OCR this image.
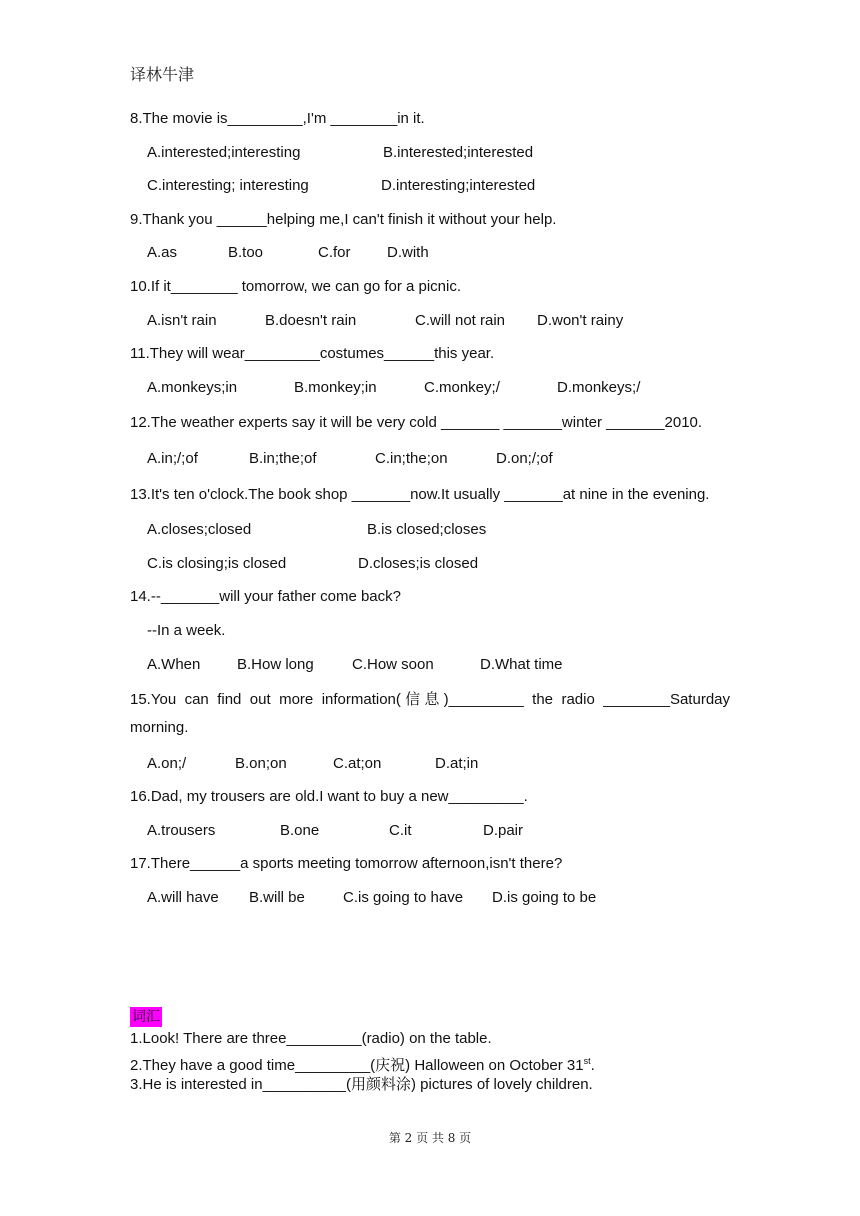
译林牛津
8.The movie is_________,I'm ________in it.
A.interested;interesting	B.interested;interested
C.interesting; interesting	D.interesting;interested
9.Thank you ______helping me,I can't finish it without your help.
A.as	B.too	C.for	D.with
10.If it________ tomorrow, we can go for a picnic.
A.isn't rain	B.doesn't rain	C.will not rain	D.won't rainy
11.They will wear_________costumes______this year.
A.monkeys;in	B.monkey;in	C.monkey;/	D.monkeys;/
12.The weather experts say it will be very cold _______ _______winter _______2010.
A.in;/;of	B.in;the;of	C.in;the;on	D.on;/;of
13.It's ten o'clock.The book shop _______now.It usually _______at nine in the evening.
A.closes;closed	B.is closed;closes
C.is closing;is closed	D.closes;is closed
14.--_______will your father come back?
--In a week.
A.When	B.How long	C.How soon	D.What time
15.You can find out more information(信息)_________ the radio ________Saturday morning.
A.on;/	B.on;on	C.at;on	D.at;in
16.Dad, my trousers are old.I want to buy a new_________.
A.trousers	B.one	C.it	D.pair
17.There______a sports meeting tomorrow afternoon,isn't there?
A.will have	B.will be	C.is going to have	D.is going to be
词汇
1.Look! There are three_________(radio) on the table.
2.They have a good time_________(庆祝) Halloween on October 31st.
3.He is interested in__________(用颜料涂) pictures of lovely children.
第 2 页 共 8 页
